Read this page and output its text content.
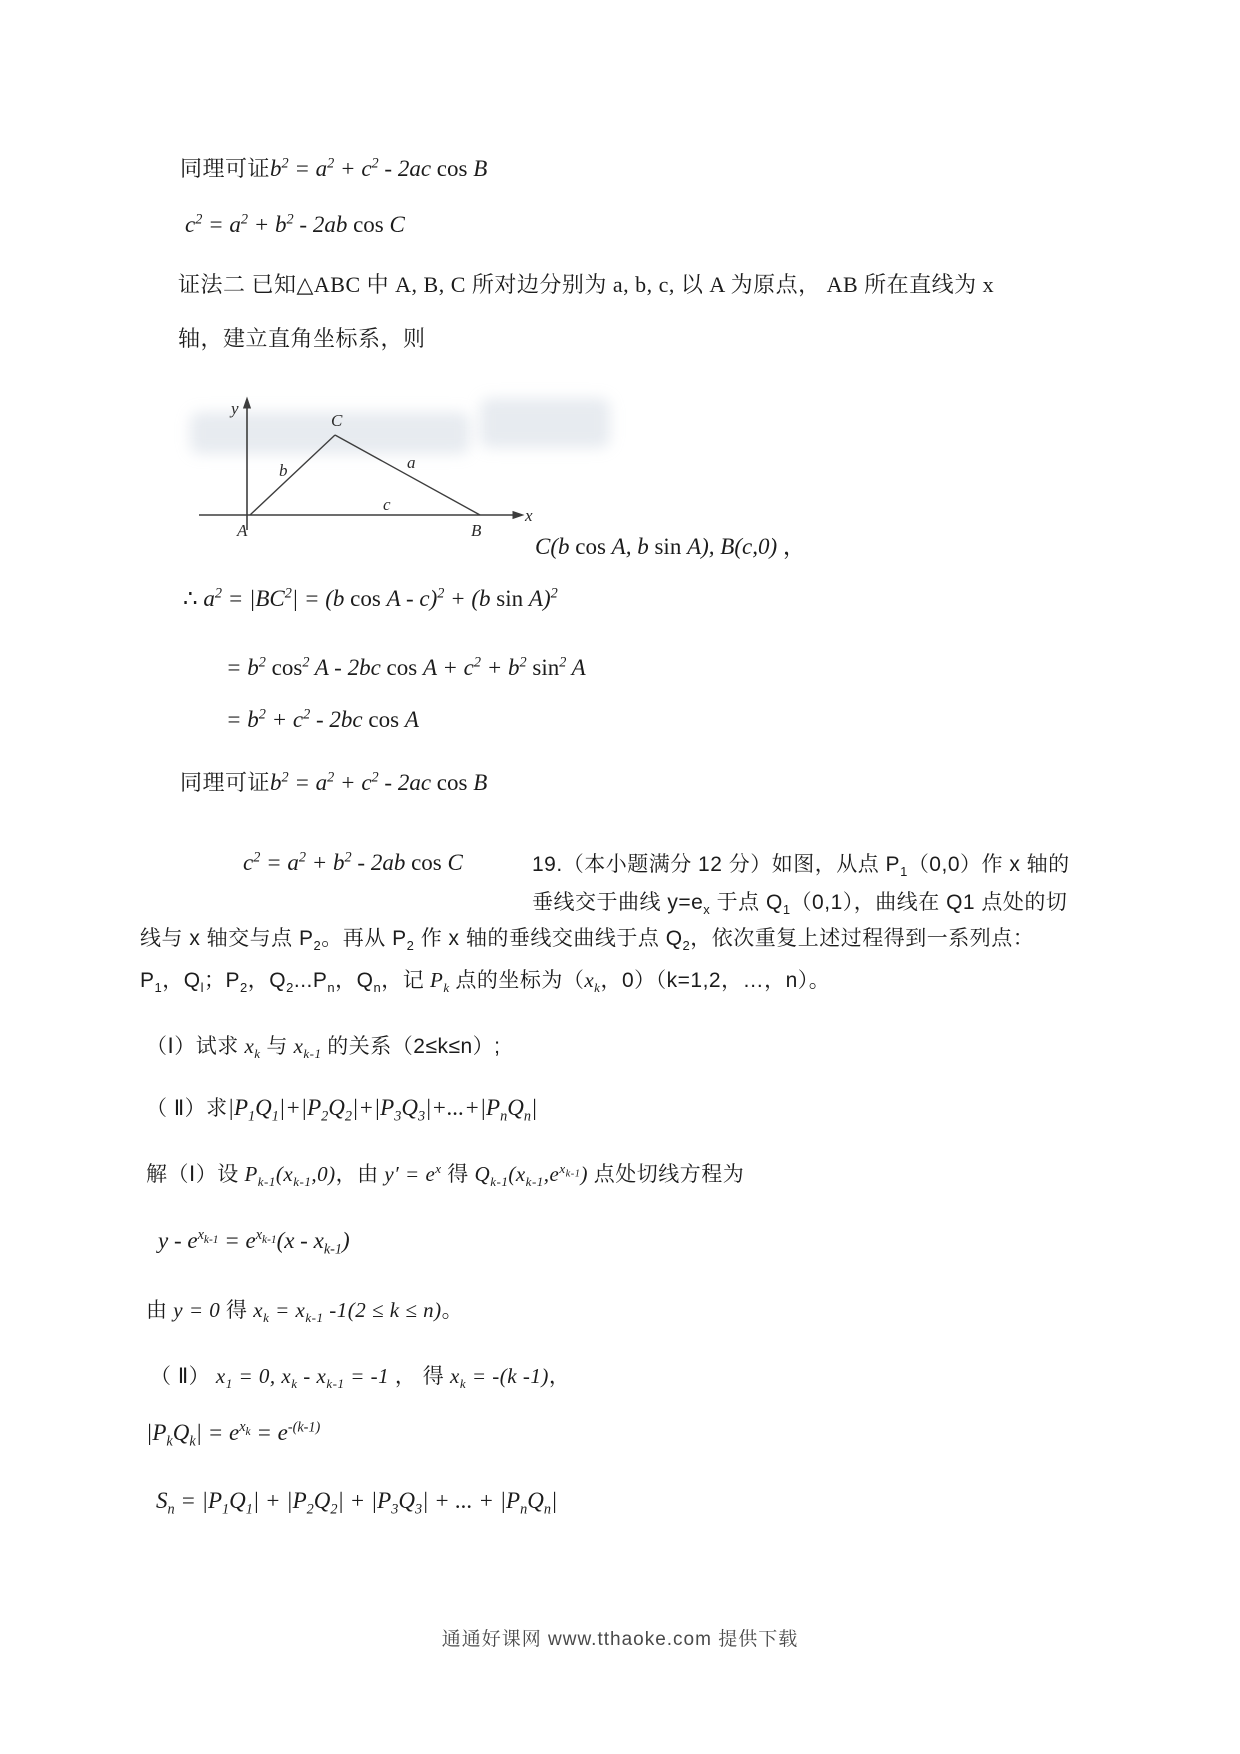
同理可证$b^2 = a^2 + c^2 - 2ac$ cos B
$c^2 = a^2 + b^2 - 2ab$ cos C
证法二 已知△ABC 中 A, B, C 所对边分别为 a, b, c, 以 A 为原点， AB 所在直线为 x
轴，建立直角坐标系，则
y
x
A	B
C
b	a
c
C(b cos A, b sin A), B(c,0) ，
∴ $a^2 = |BC^2| = (b$ cos A - c)$^2$ + (b sin A)$^2$
= $b^2$ $\cos^2 A - 2bc$ $\cos A + c^2 + b^2$ $\sin^2 A$
= $b^2 + c^2 - 2bc$ cos A
同理可证$b^2 = a^2 + c^2 - 2ac$ cos B
$c^2 = a^2 + b^2 - 2ab$ cos C	19.（本小题满分 12 分）如图，从点 $P_1(0,0)$作 x 轴的
垂线交于曲线 $y=e_x$ 于点 $Q_1(0,1)$，曲线在 Q1 点处的切
线与 x 轴交与点 $P_2$。再从 $P_2$ 作 x 轴的垂线交曲线于点 $Q_2$，依次重复上述过程得到一系列点：
$P_1$，$Q_l$；$P_2$，$Q_2...P_n$，$Q_n$，记 $P_k$ 点的坐标为（$x_k$，0）（k=1,2，…，n）。
（Ⅰ）试求 $x_k$ 与 $x_{k-1}$ 的关系（2≤k≤n）;
（ Ⅱ）求$|P_1Q_1|+|P_2Q_2|+|P_3Q_3|+...+|P_nQ_n|$
解（Ⅰ）设 $P_{k-1}(x_{k-1},0)$，由 $y' = e^x$ 得 $Q_{k-1}(x_{k-1},e^{x_{k-1}})$ 点处切线方程为
$y - e^{x_{k-1}} = e^{x_{k-1}}(x - x_{k-1})$
由 y = 0 得 $x_k = x_{k-1}$ -1(2 ≤ k ≤ n)。
（ Ⅱ） $x_1 = 0$, $x_k - x_{k-1} = -1$ ， 得 $x_k = -(k$ -1)，
$|P_kQ_k| = e^{x_k} = e^{-(k-1)}$
$S_n = |P_1Q_1| + |P_2Q_2| + |P_3Q_3|$ + ... + $|P_nQ_n|$
通通好课网 www.tthaoke.com 提供下载
